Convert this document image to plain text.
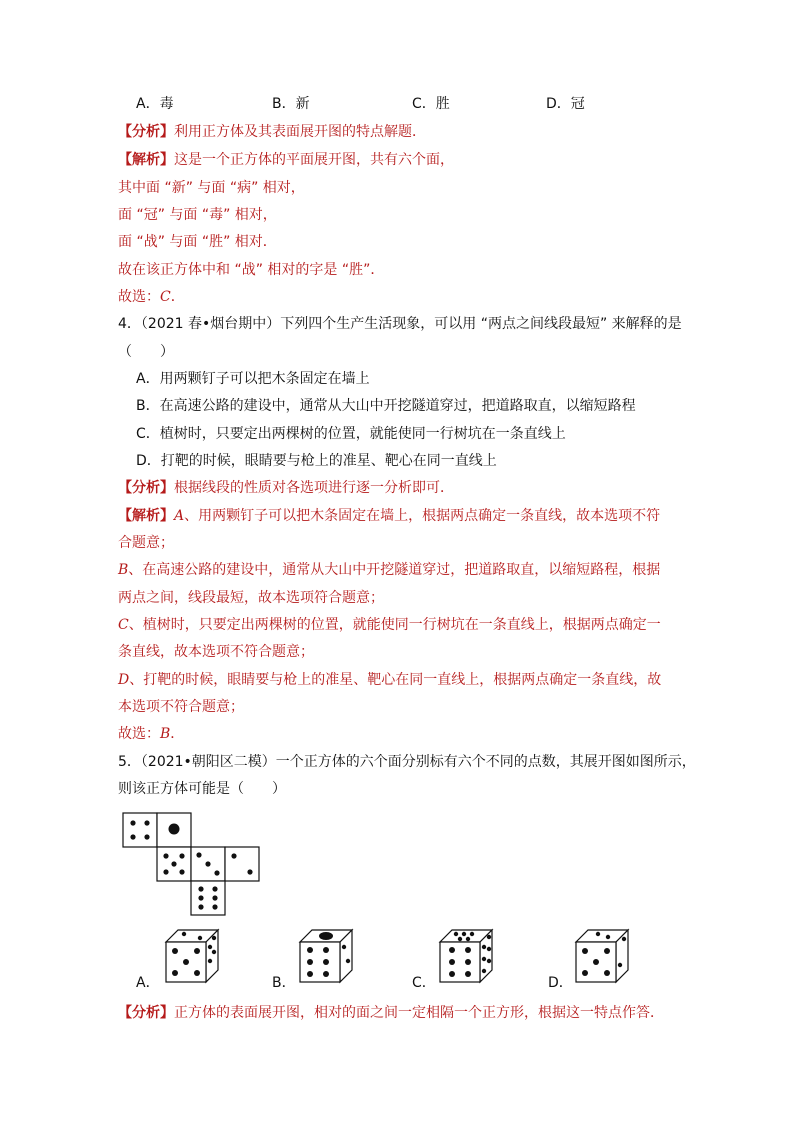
A．毒	B．新	C．胜	D．冠
【分析】利用正方体及其表面展开图的特点解题．
【解析】这是一个正方体的平面展开图，共有六个面，
其中面 “新” 与面 “病” 相对，
面 “冠” 与面 “毒” 相对，
面 “战” 与面 “胜” 相对．
故在该正方体中和 “战” 相对的字是 “胜”．
故选：C．
4．（2021 春•烟台期中）下列四个生产生活现象，可以用 “两点之间线段最短” 来解释的是
（　　）
A．用两颗钉子可以把木条固定在墙上
B．在高速公路的建设中，通常从大山中开挖隧道穿过，把道路取直，以缩短路程
C．植树时，只要定出两棵树的位置，就能使同一行树坑在一条直线上
D．打靶的时候，眼睛要与枪上的准星、靶心在同一直线上
【分析】根据线段的性质对各选项进行逐一分析即可．
【解析】A、用两颗钉子可以把木条固定在墙上，根据两点确定一条直线，故本选项不符
合题意；
B、在高速公路的建设中，通常从大山中开挖隧道穿过，把道路取直，以缩短路程，根据
两点之间，线段最短，故本选项符合题意；
C、植树时，只要定出两棵树的位置，就能使同一行树坑在一条直线上，根据两点确定一
条直线，故本选项不符合题意；
D、打靶的时候，眼睛要与枪上的准星、靶心在同一直线上，根据两点确定一条直线，故
本选项不符合题意；
故选：B．
5．（2021•朝阳区二模）一个正方体的六个面分别标有六个不同的点数，其展开图如图所示，
则该正方体可能是（　　）
A．	B．	C．	D．
【分析】正方体的表面展开图，相对的面之间一定相隔一个正方形，根据这一特点作答．
